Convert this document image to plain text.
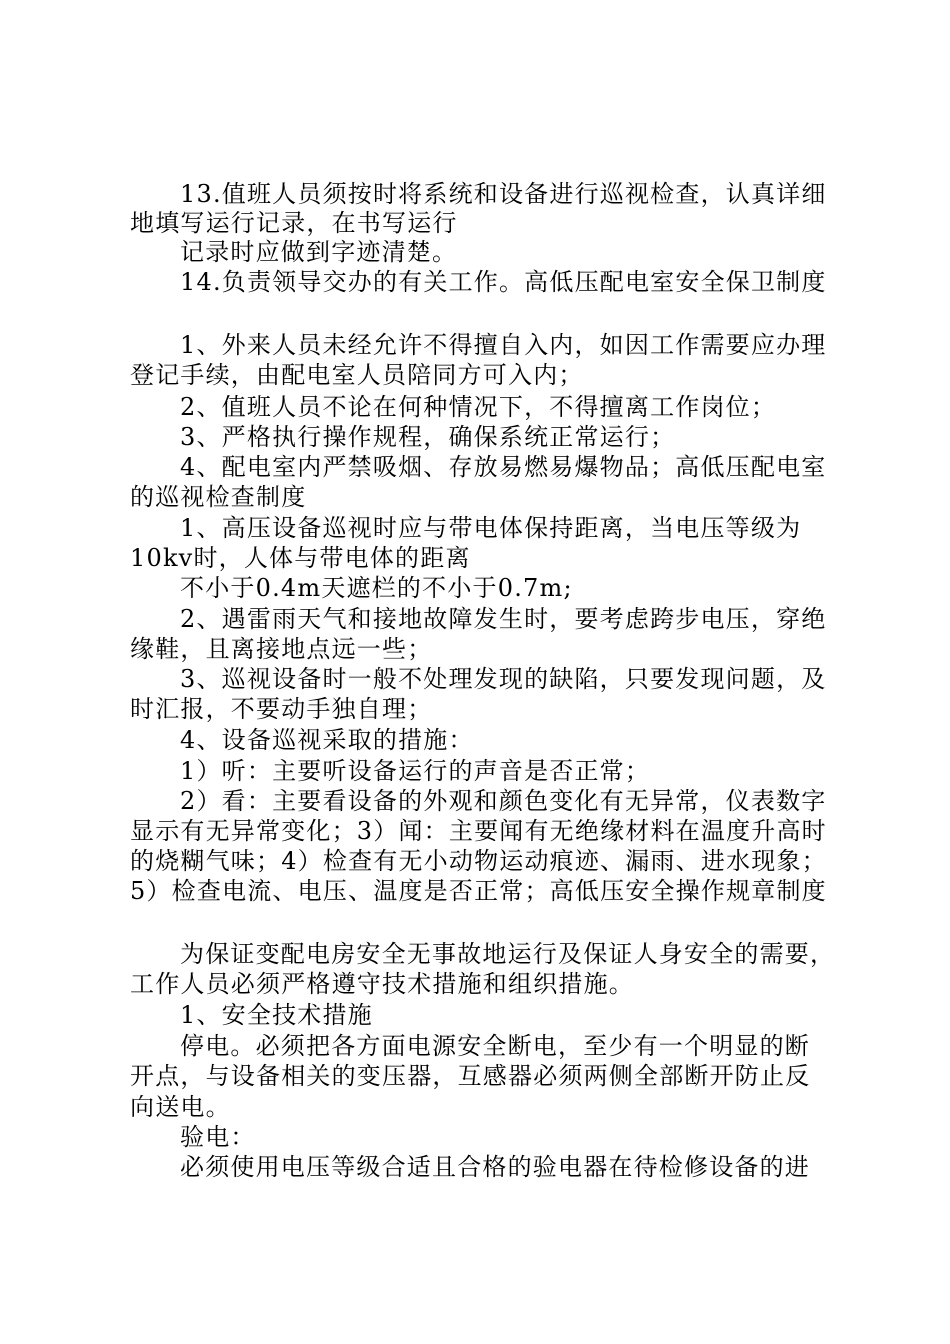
13.值班人员须按时将系统和设备进行巡视检查，认真详细
地填写运行记录，在书写运行
记录时应做到字迹清楚。
14.负责领导交办的有关工作。高低压配电室安全保卫制度
1、外来人员未经允许不得擅自入内，如因工作需要应办理
登记手续，由配电室人员陪同方可入内；
2、值班人员不论在何种情况下，不得擅离工作岗位；
3、严格执行操作规程，确保系统正常运行；
4、配电室内严禁吸烟、存放易燃易爆物品；高低压配电室
的巡视检查制度
1、高压设备巡视时应与带电体保持距离，当电压等级为
10kv时，人体与带电体的距离
不小于0.4m天遮栏的不小于0.7m;
2、遇雷雨天气和接地故障发生时，要考虑跨步电压，穿绝
缘鞋，且离接地点远一些；
3、巡视设备时一般不处理发现的缺陷，只要发现问题，及
时汇报，不要动手独自理；
4、设备巡视采取的措施：
1）听：主要听设备运行的声音是否正常；
2）看：主要看设备的外观和颜色变化有无异常，仪表数字
显示有无异常变化；3）闻：主要闻有无绝缘材料在温度升高时
的烧糊气味；4）检查有无小动物运动痕迹、漏雨、进水现象；
5）检查电流、电压、温度是否正常；高低压安全操作规章制度
为保证变配电房安全无事故地运行及保证人身安全的需要，
工作人员必须严格遵守技术措施和组织措施。
1、安全技术措施
停电。必须把各方面电源安全断电，至少有一个明显的断
开点，与设备相关的变压器，互感器必须两侧全部断开防止反
向送电。
验电：
必须使用电压等级合适且合格的验电器在待检修设备的进
